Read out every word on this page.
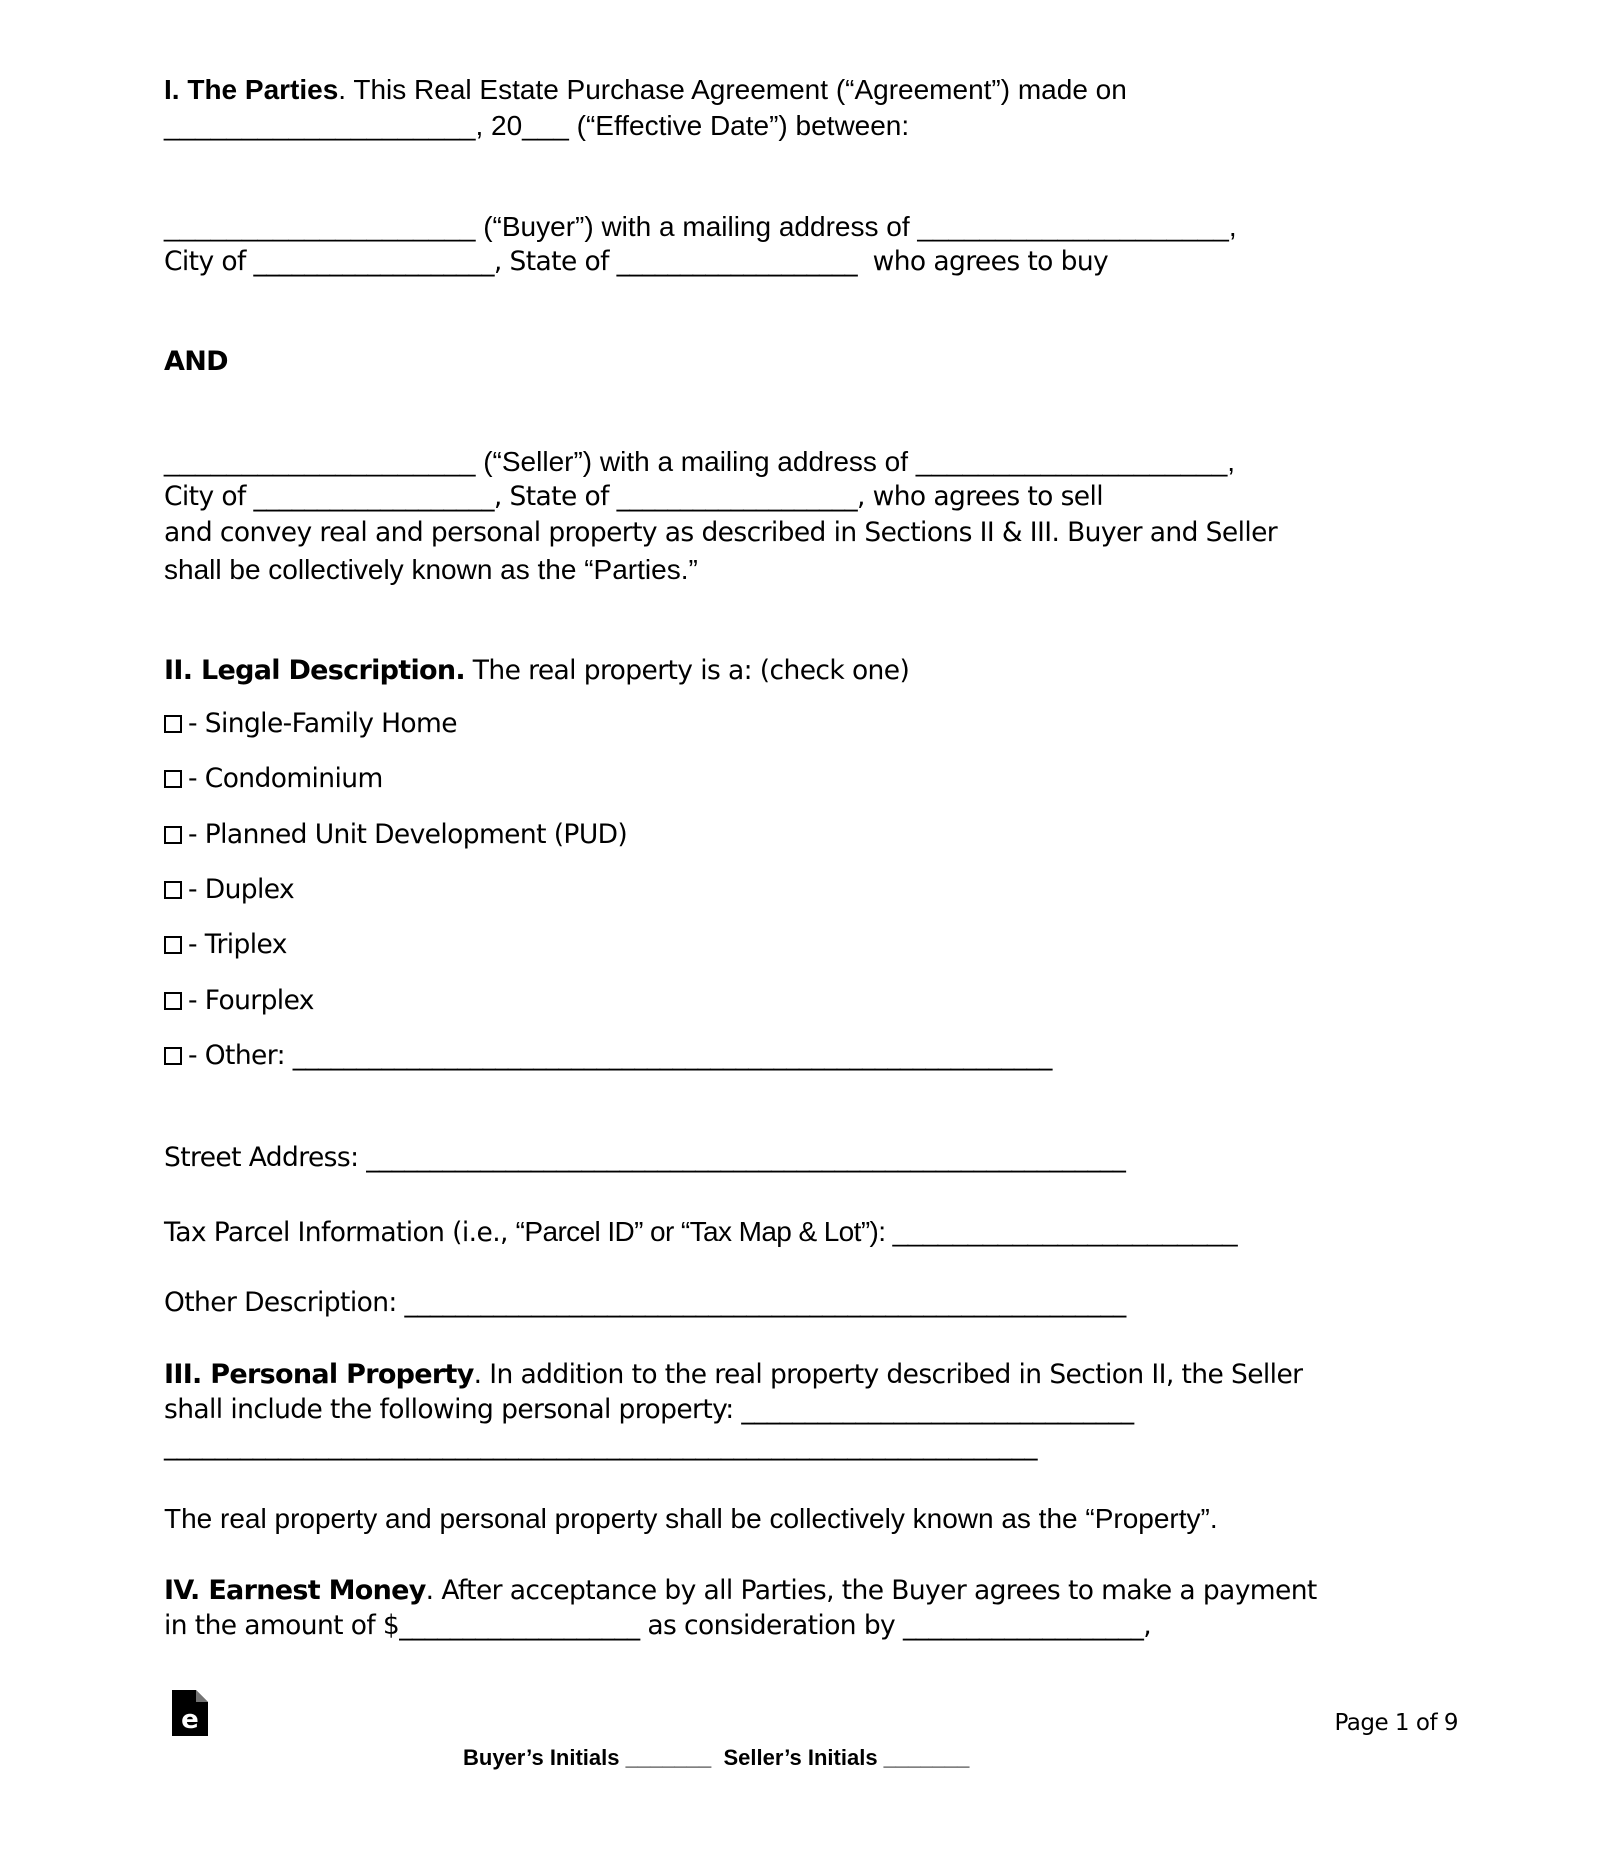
I. The Parties. This Real Estate Purchase Agreement (“Agreement”) made on
____________________, 20___ (“Effective Date”) between:
____________________ (“Buyer”) with a mailing address of ____________________,
City of ___________________, State of ___________________  who agrees to buy
AND
____________________ (“Seller”) with a mailing address of ____________________,
City of ___________________, State of ___________________, who agrees to sell
and convey real and personal property as described in Sections II & III. Buyer and Seller
shall be collectively known as the “Parties.”
II. Legal Description. The real property is a: (check one)
- Single-Family Home
- Condominium
- Planned Unit Development (PUD)
- Duplex
- Triplex
- Fourplex
- Other: ____________________________________________________________
Street Address: ____________________________________________________________
Tax Parcel Information (i.e., “Parcel ID” or “Tax Map & Lot”): _______________________
Other Description: _________________________________________________________
III. Personal Property. In addition to the real property described in Section II, the Seller
shall include the following personal property: _______________________________
_____________________________________________________________________
The real property and personal property shall be collectively known as the “Property”.
IV. Earnest Money. After acceptance by all Parties, the Buyer agrees to make a payment
in the amount of $___________________ as consideration by ___________________,
e	Page 1 of 9
Buyer’s Initials _______  Seller’s Initials _______
